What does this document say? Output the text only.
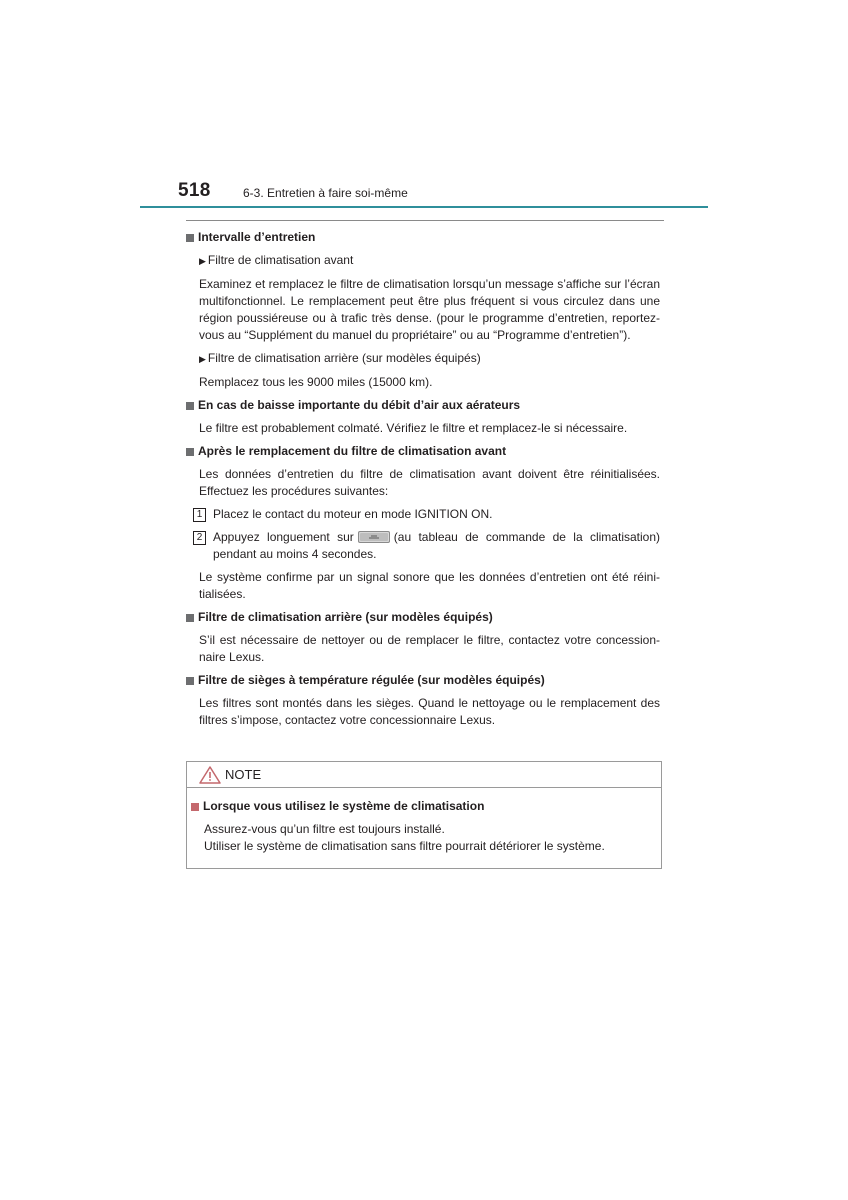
518	6-3. Entretien à faire soi-même
Intervalle d’entretien
▶ Filtre de climatisation avant
Examinez et remplacez le filtre de climatisation lorsqu’un message s’affiche sur l’écran multifonctionnel. Le remplacement peut être plus fréquent si vous circulez dans une région poussiéreuse ou à trafic très dense. (pour le programme d’entretien, reportez-vous au “Supplément du manuel du propriétaire” ou au “Programme d’entretien”).
▶ Filtre de climatisation arrière (sur modèles équipés)
Remplacez tous les 9000 miles (15000 km).
En cas de baisse importante du débit d’air aux aérateurs
Le filtre est probablement colmaté. Vérifiez le filtre et remplacez-le si nécessaire.
Après le remplacement du filtre de climatisation avant
Les données d’entretien du filtre de climatisation avant doivent être réinitialisées. Effectuez les procédures suivantes:
1 Placez le contact du moteur en mode IGNITION ON.
2 Appuyez longuement sur	(au tableau de commande de la climatisation) pendant au moins 4 secondes.
Le système confirme par un signal sonore que les données d’entretien ont été réini-tialisées.
Filtre de climatisation arrière (sur modèles équipés)
S’il est nécessaire de nettoyer ou de remplacer le filtre, contactez votre concession-naire Lexus.
Filtre de sièges à température régulée (sur modèles équipés)
Les filtres sont montés dans les sièges. Quand le nettoyage ou le remplacement des filtres s’impose, contactez votre concessionnaire Lexus.
NOTE
Lorsque vous utilisez le système de climatisation
Assurez-vous qu’un filtre est toujours installé.
Utiliser le système de climatisation sans filtre pourrait détériorer le système.
